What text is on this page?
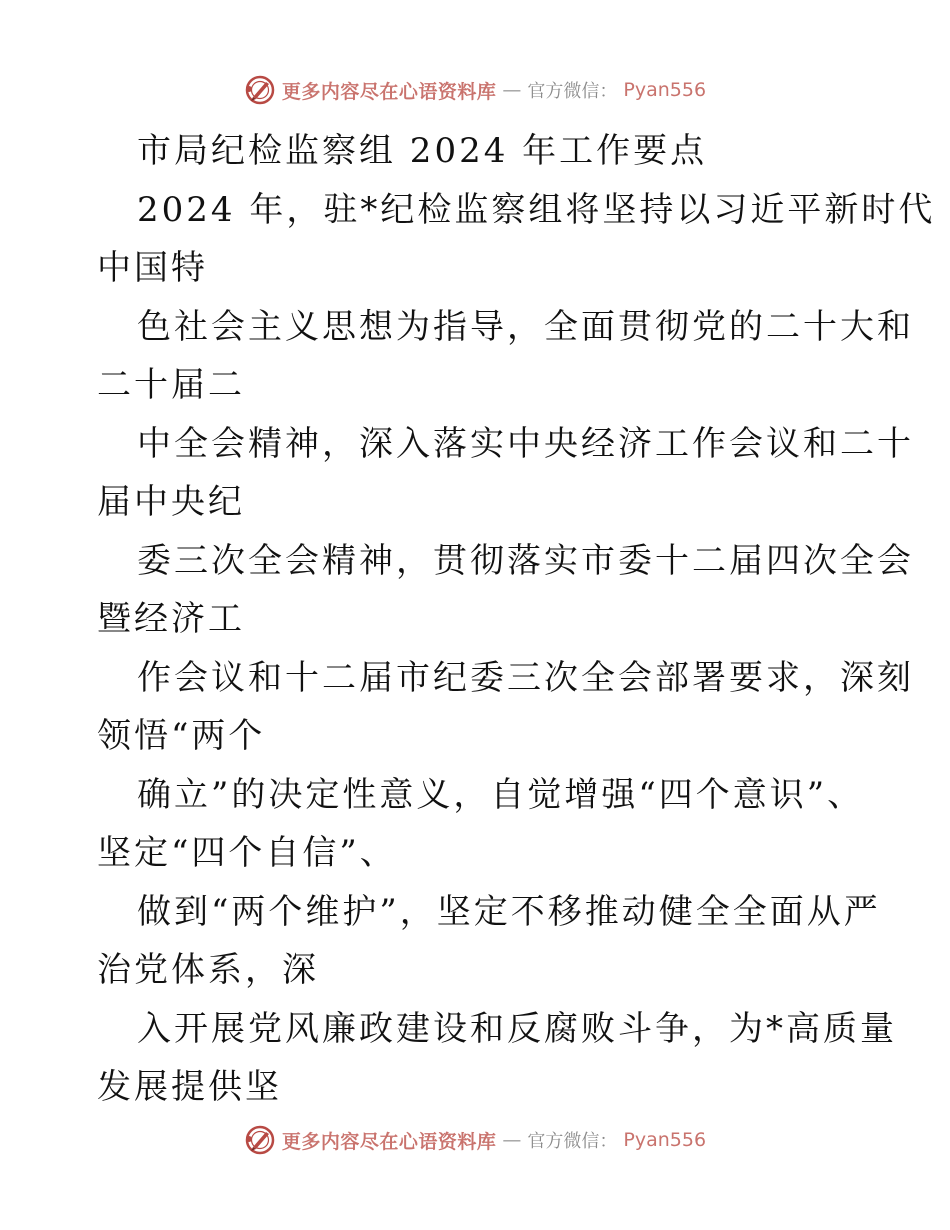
更多内容尽在心语资料库 — 官方微信： Pyan556
市局纪检监察组 2024 年工作要点
2024 年，驻*纪检监察组将坚持以习近平新时代
中国特
色社会主义思想为指导，全面贯彻党的二十大和
二十届二
中全会精神，深入落实中央经济工作会议和二十
届中央纪
委三次全会精神，贯彻落实市委十二届四次全会
暨经济工
作会议和十二届市纪委三次全会部署要求，深刻
领悟“两个
确立”的决定性意义，自觉增强“四个意识”、
坚定“四个自信”、
做到“两个维护”，坚定不移推动健全全面从严
治党体系，深
入开展党风廉政建设和反腐败斗争，为*高质量
发展提供坚
更多内容尽在心语资料库 — 官方微信： Pyan556
